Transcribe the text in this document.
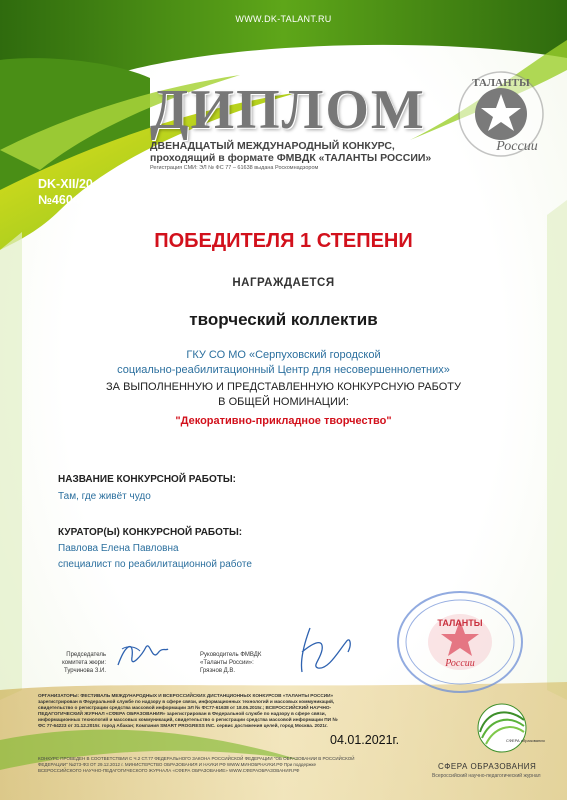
WWW.DK-TALANT.RU
ТАЛАНТЫ
России
ДИПЛОМ
ДВЕНАДЦАТЫЙ МЕЖДУНАРОДНЫЙ КОНКУРС,
проходящий в формате ФМВДК «ТАЛАНТЫ РОССИИ»
Регистрация СМИ: ЭЛ № ФС 77 – 61638 выдана Роскомнадзором
DK-XII/20,
№4604
ПОБЕДИТЕЛЯ 1 СТЕПЕНИ
НАГРАЖДАЕТСЯ
творческий коллектив
ГКУ СО МО «Серпуховский городской
социально-реабилитационный Центр для несовершеннолетних»
ЗА ВЫПОЛНЕННУЮ И ПРЕДСТАВЛЕННУЮ КОНКУРСНУЮ РАБОТУ
В ОБЩЕЙ НОМИНАЦИИ:
"Декоративно-прикладное творчество"
НАЗВАНИЕ КОНКУРСНОЙ РАБОТЫ:
Там, где живёт чудо
КУРАТОР(Ы) КОНКУРСНОЙ РАБОТЫ:
Павлова Елена Павловна
специалист по реабилитационной работе
Председатель
комитета жюри:
Турчинова З.И.
Руководитель ФМВДК
«Таланты России»:
Грязнов Д.В.
ТАЛАНТЫ
России
ОРГАНИЗАТОРЫ: ФЕСТИВАЛЬ МЕЖДУНАРОДНЫХ И ВСЕРОССИЙСКИХ ДИСТАНЦИОННЫХ КОНКУРСОВ «ТАЛАНТЫ РОССИИ» зарегистрирован в Федеральной службе по надзору в сфере связи, информационных технологий и массовых коммуникаций, свидетельство о регистрации средства массовой информации ЭЛ № ФС77-61638 от 18.05.2015г.; ВСЕРОССИЙСКИЙ НАУЧНО-ПЕДАГОГИЧЕСКИЙ ЖУРНАЛ «СФЕРА ОБРАЗОВАНИЯ» зарегистрирован в Федеральной службе по надзору в сфере связи, информационных технологий и массовых коммуникаций, свидетельство о регистрации средства массовой информации ПИ № ФС 77-64223 от 31.12.2015г. город Абакан; Компания SMART PROGRESS INC. сервис достижения целей, город Москва. 2021г.
04.01.2021г.
КОНКУРС ПРОВЕДЕН В СООТВЕТСТВИИ С Ч.2 СТ.77 ФЕДЕРАЛЬНОГО ЗАКОНА РОССИЙСКОЙ ФЕДЕРАЦИИ "ОБ ОБРАЗОВАНИИ В РОССИЙСКОЙ ФЕДЕРАЦИИ" №273-ФЗ ОТ 29.12.2012 г. МИНИСТЕРСТВО ОБРАЗОВАНИЯ И НАУКИ РФ WWW.МИНОБРНАУКИ.РФ При поддержке ВСЕРОССИЙСКОГО НАУЧНО-ПЕДАГОГИЧЕСКОГО ЖУРНАЛА «СФЕРА ОБРАЗОВАНИЕ» WWW.СФЕРАОБРАЗОВАНИЯ.РФ
СФЕРА образования
СФЕРА ОБРАЗОВАНИЯ
Всероссийский научно-педагогический журнал
